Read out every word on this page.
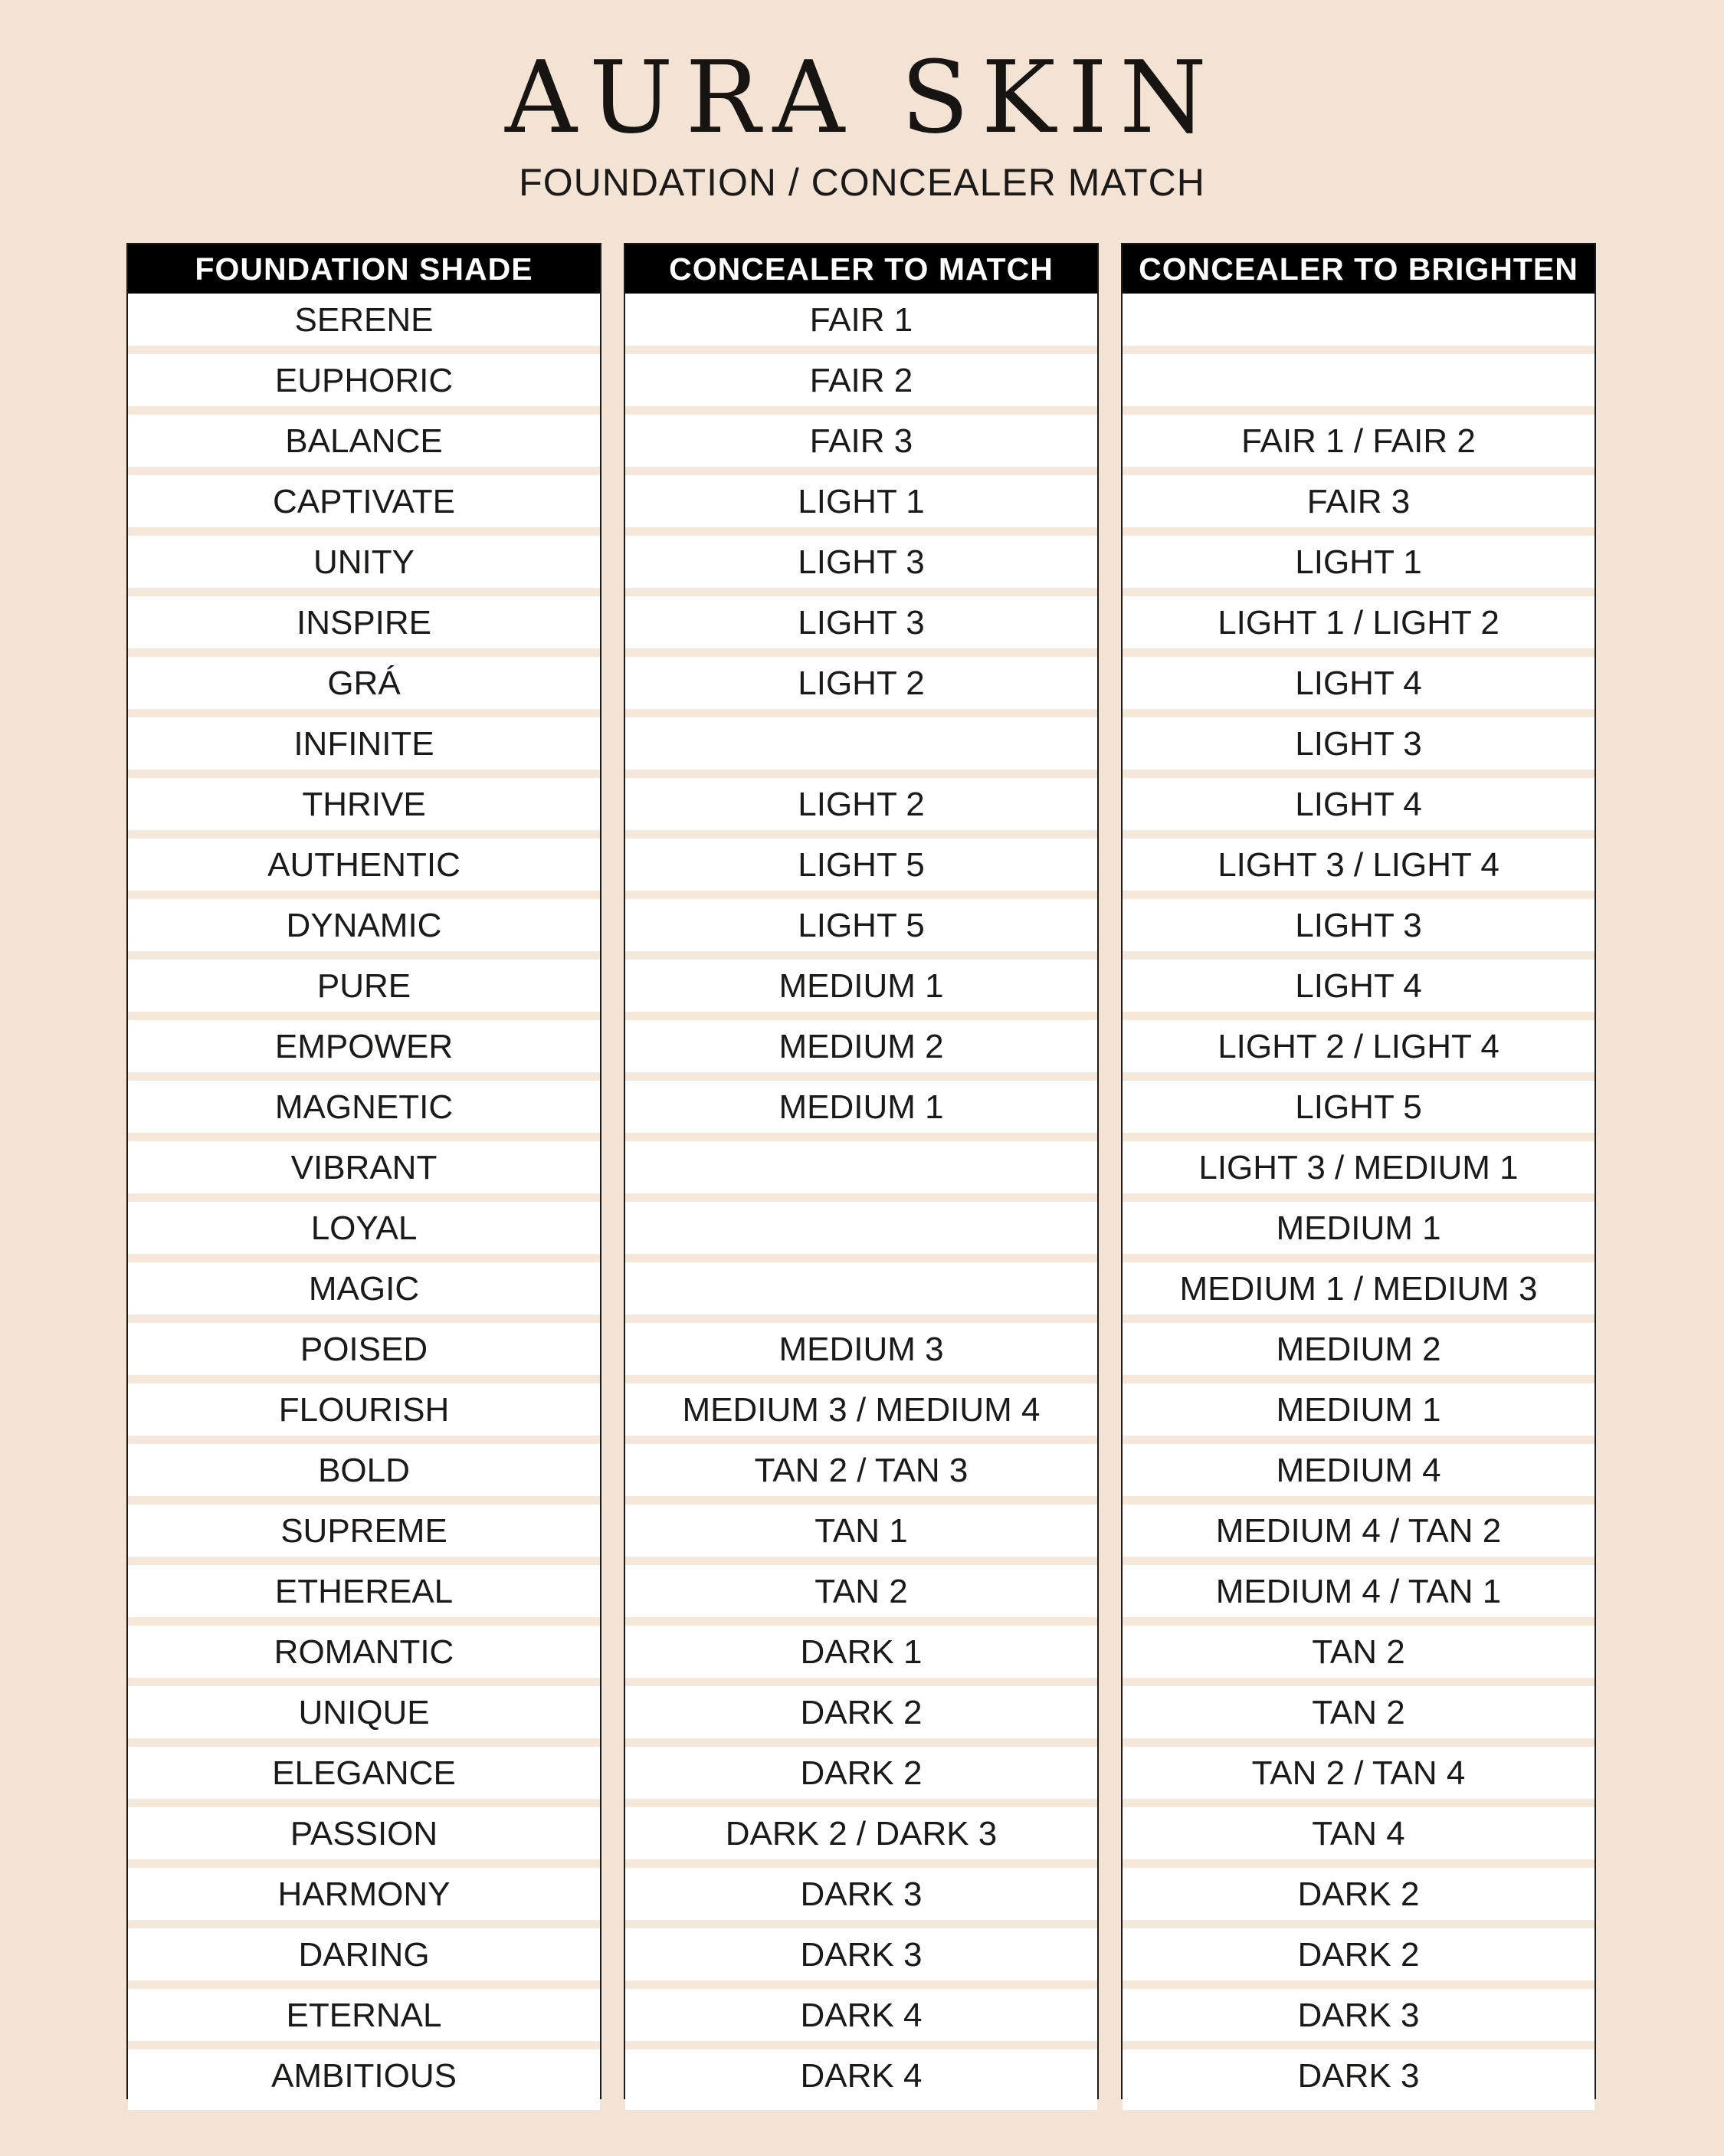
AURA SKIN
FOUNDATION / CONCEALER MATCH
FOUNDATION SHADE
SERENE
EUPHORIC
BALANCE
CAPTIVATE
UNITY
INSPIRE
GRÁ
INFINITE
THRIVE
AUTHENTIC
DYNAMIC
PURE
EMPOWER
MAGNETIC
VIBRANT
LOYAL
MAGIC
POISED
FLOURISH
BOLD
SUPREME
ETHEREAL
ROMANTIC
UNIQUE
ELEGANCE
PASSION
HARMONY
DARING
ETERNAL
AMBITIOUS
CONCEALER TO MATCH
FAIR 1
FAIR 2
FAIR 3
LIGHT 1
LIGHT 3
LIGHT 3
LIGHT 2
LIGHT 2
LIGHT 5
LIGHT 5
MEDIUM 1
MEDIUM 2
MEDIUM 1
MEDIUM 3
MEDIUM 3 / MEDIUM 4
TAN 2 / TAN 3
TAN 1
TAN 2
DARK 1
DARK 2
DARK 2
DARK 2 / DARK 3
DARK 3
DARK 3
DARK 4
DARK 4
CONCEALER TO BRIGHTEN
FAIR 1 / FAIR 2
FAIR 3
LIGHT 1
LIGHT 1 / LIGHT 2
LIGHT 4
LIGHT 3
LIGHT 4
LIGHT 3 / LIGHT 4
LIGHT 3
LIGHT 4
LIGHT 2 / LIGHT 4
LIGHT 5
LIGHT 3 / MEDIUM 1
MEDIUM 1
MEDIUM 1 / MEDIUM 3
MEDIUM 2
MEDIUM 1
MEDIUM 4
MEDIUM 4 / TAN 2
MEDIUM 4 / TAN 1
TAN 2
TAN 2
TAN 2 / TAN 4
TAN 4
DARK 2
DARK 2
DARK 3
DARK 3
